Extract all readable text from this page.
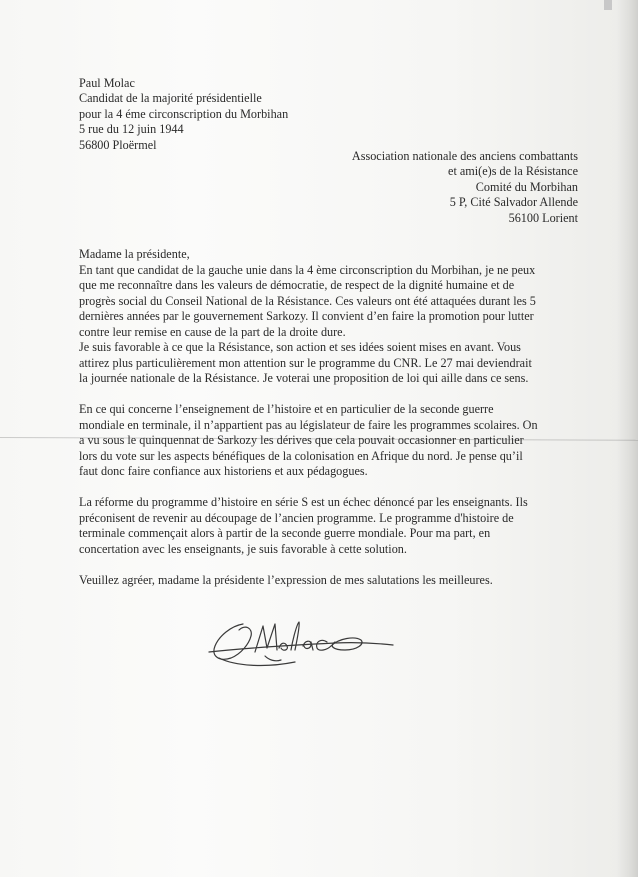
Paul Molac
Candidat de la majorité présidentielle
pour la 4 éme circonscription du Morbihan
5 rue du 12 juin 1944
56800 Ploërmel
Association nationale des anciens combattants
et ami(e)s de la Résistance
Comité du Morbihan
5 P, Cité Salvador Allende
56100 Lorient

Madame la présidente,

En tant que candidat de la gauche unie dans la 4 ème circonscription du Morbihan, je ne peux
que me reconnaître dans les valeurs de démocratie, de respect de la dignité humaine et de
progrès social du Conseil National de la Résistance. Ces valeurs ont été attaquées durant les 5
dernières années par le gouvernement Sarkozy. Il convient d’en faire la promotion pour lutter
contre leur remise en cause de la part de la droite dure.
Je suis favorable à ce que la Résistance, son action et ses idées soient mises en avant. Vous
attirez plus particulièrement mon attention sur le programme du CNR. Le 27 mai deviendrait
la journée nationale de la Résistance. Je voterai une proposition de loi qui aille dans ce sens.
En ce qui concerne l’enseignement de l’histoire et en particulier de la seconde guerre
mondiale en terminale, il n’appartient pas au législateur de faire les programmes scolaires. On
a vu sous le quinquennat de Sarkozy les dérives que cela pouvait occasionner en particulier
lors du vote sur les aspects bénéfiques de la colonisation en Afrique du nord. Je pense qu’il
faut donc faire confiance aux historiens et aux pédagogues.
La réforme du programme d’histoire en série S est un échec dénoncé par les enseignants. Ils
préconisent de revenir au découpage de l’ancien programme. Le programme d'histoire de
terminale commençait alors à partir de la seconde guerre mondiale. Pour ma part, en
concertation avec les enseignants, je suis favorable à cette solution.

Veuillez agréer, madame la présidente l’expression de mes salutations les meilleures.
